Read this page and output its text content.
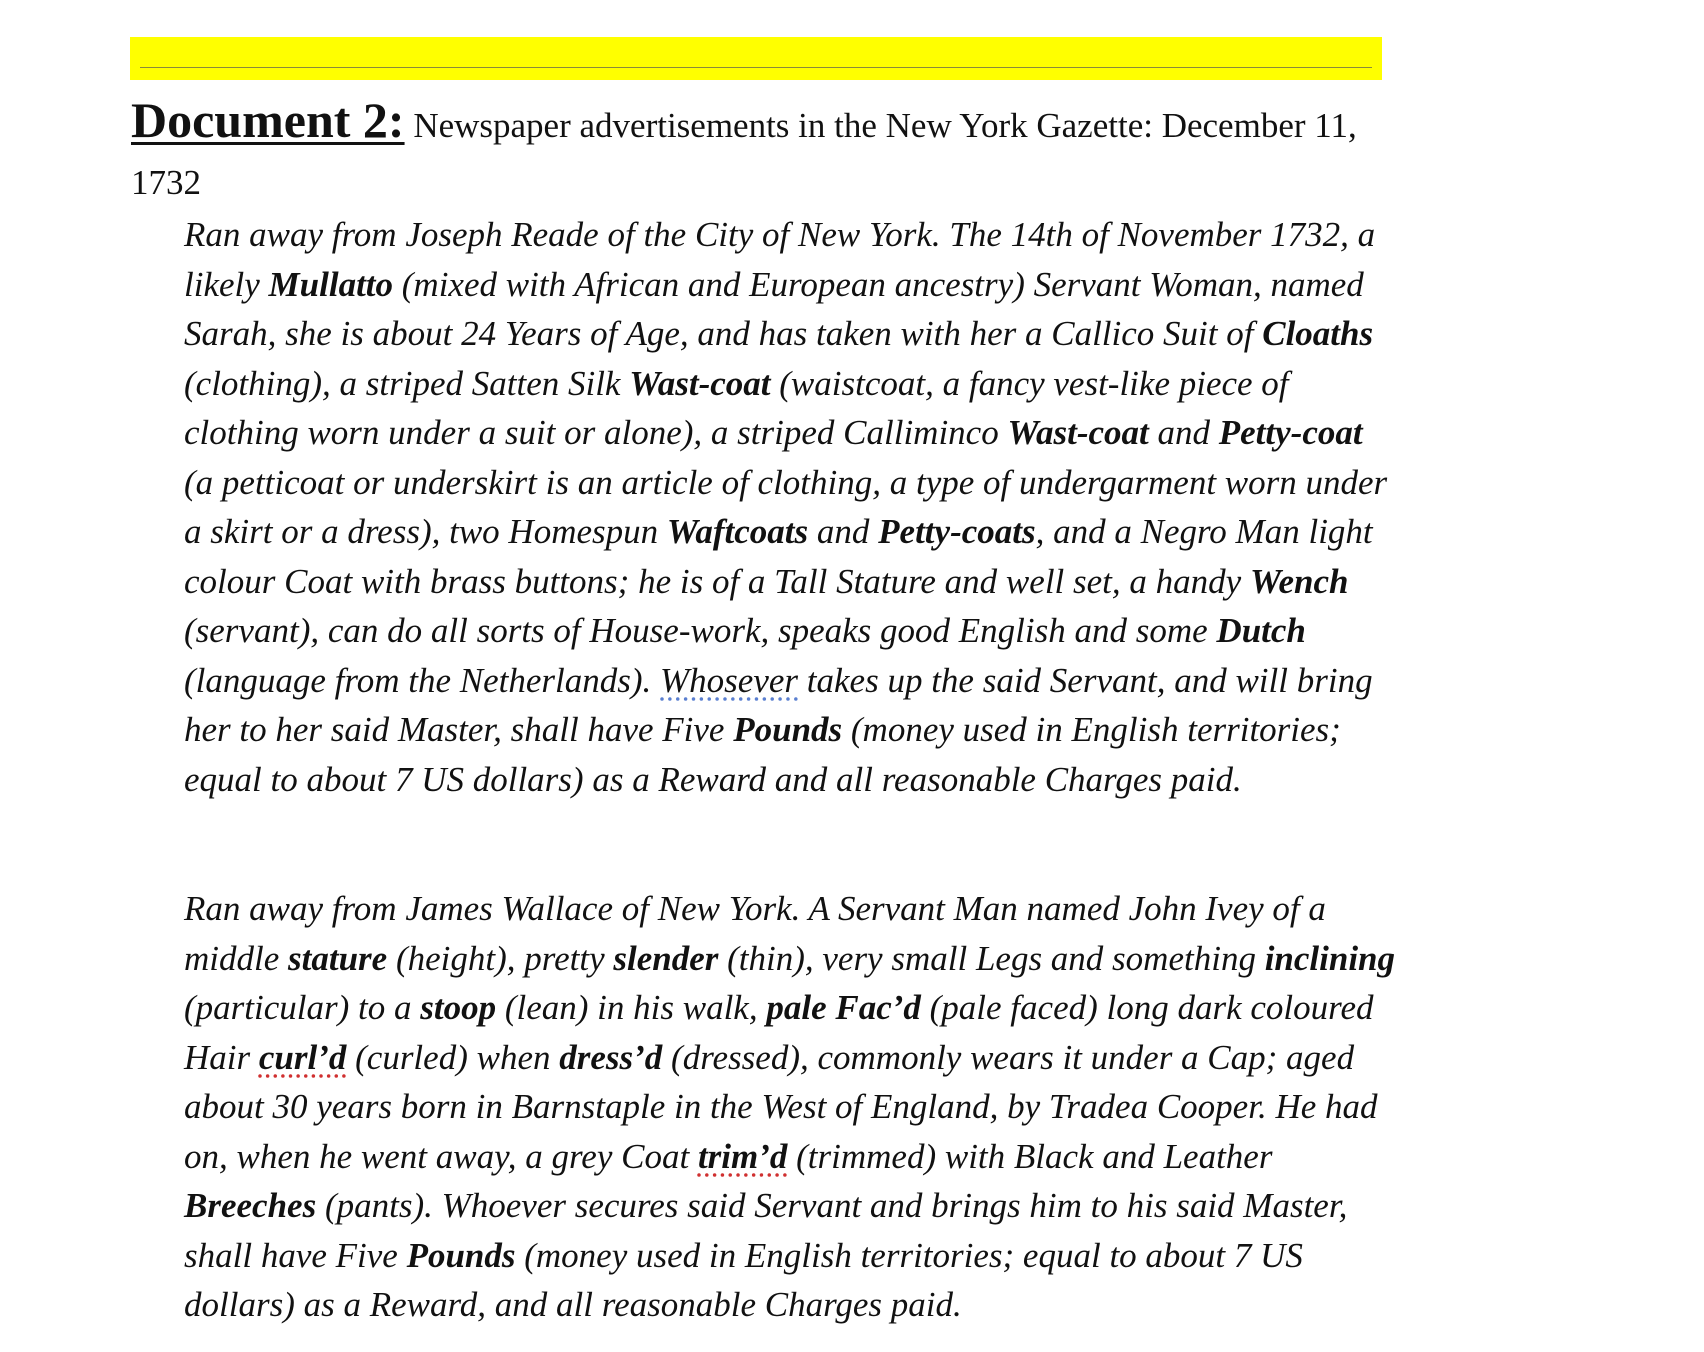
Document 2: Newspaper advertisements in the New York Gazette: December 11, 1732

Ran away from Joseph Reade of the City of New York. The 14th of November 1732, a likely Mullatto (mixed with African and European ancestry) Servant Woman, named Sarah, she is about 24 Years of Age, and has taken with her a Callico Suit of Cloaths (clothing), a striped Satten Silk Wast-coat (waistcoat, a fancy vest-like piece of clothing worn under a suit or alone), a striped Calliminco Wast-coat and Petty-coat (a petticoat or underskirt is an article of clothing, a type of undergarment worn under a skirt or a dress), two Homespun Waftcoats and Petty-coats, and a Negro Man light colour Coat with brass buttons; he is of a Tall Stature and well set, a handy Wench (servant), can do all sorts of House-work, speaks good English and some Dutch (language from the Netherlands). Whosever takes up the said Servant, and will bring her to her said Master, shall have Five Pounds (money used in English territories; equal to about 7 US dollars) as a Reward and all reasonable Charges paid.

Ran away from James Wallace of New York. A Servant Man named John Ivey of a middle stature (height), pretty slender (thin), very small Legs and something inclining (particular) to a stoop (lean) in his walk, pale Fac’d (pale faced) long dark coloured Hair curl’d (curled) when dress’d (dressed), commonly wears it under a Cap; aged about 30 years born in Barnstaple in the West of England, by Tradea Cooper. He had on, when he went away, a grey Coat trim’d (trimmed) with Black and Leather Breeches (pants). Whoever secures said Servant and brings him to his said Master, shall have Five Pounds (money used in English territories; equal to about 7 US dollars) as a Reward, and all reasonable Charges paid.
